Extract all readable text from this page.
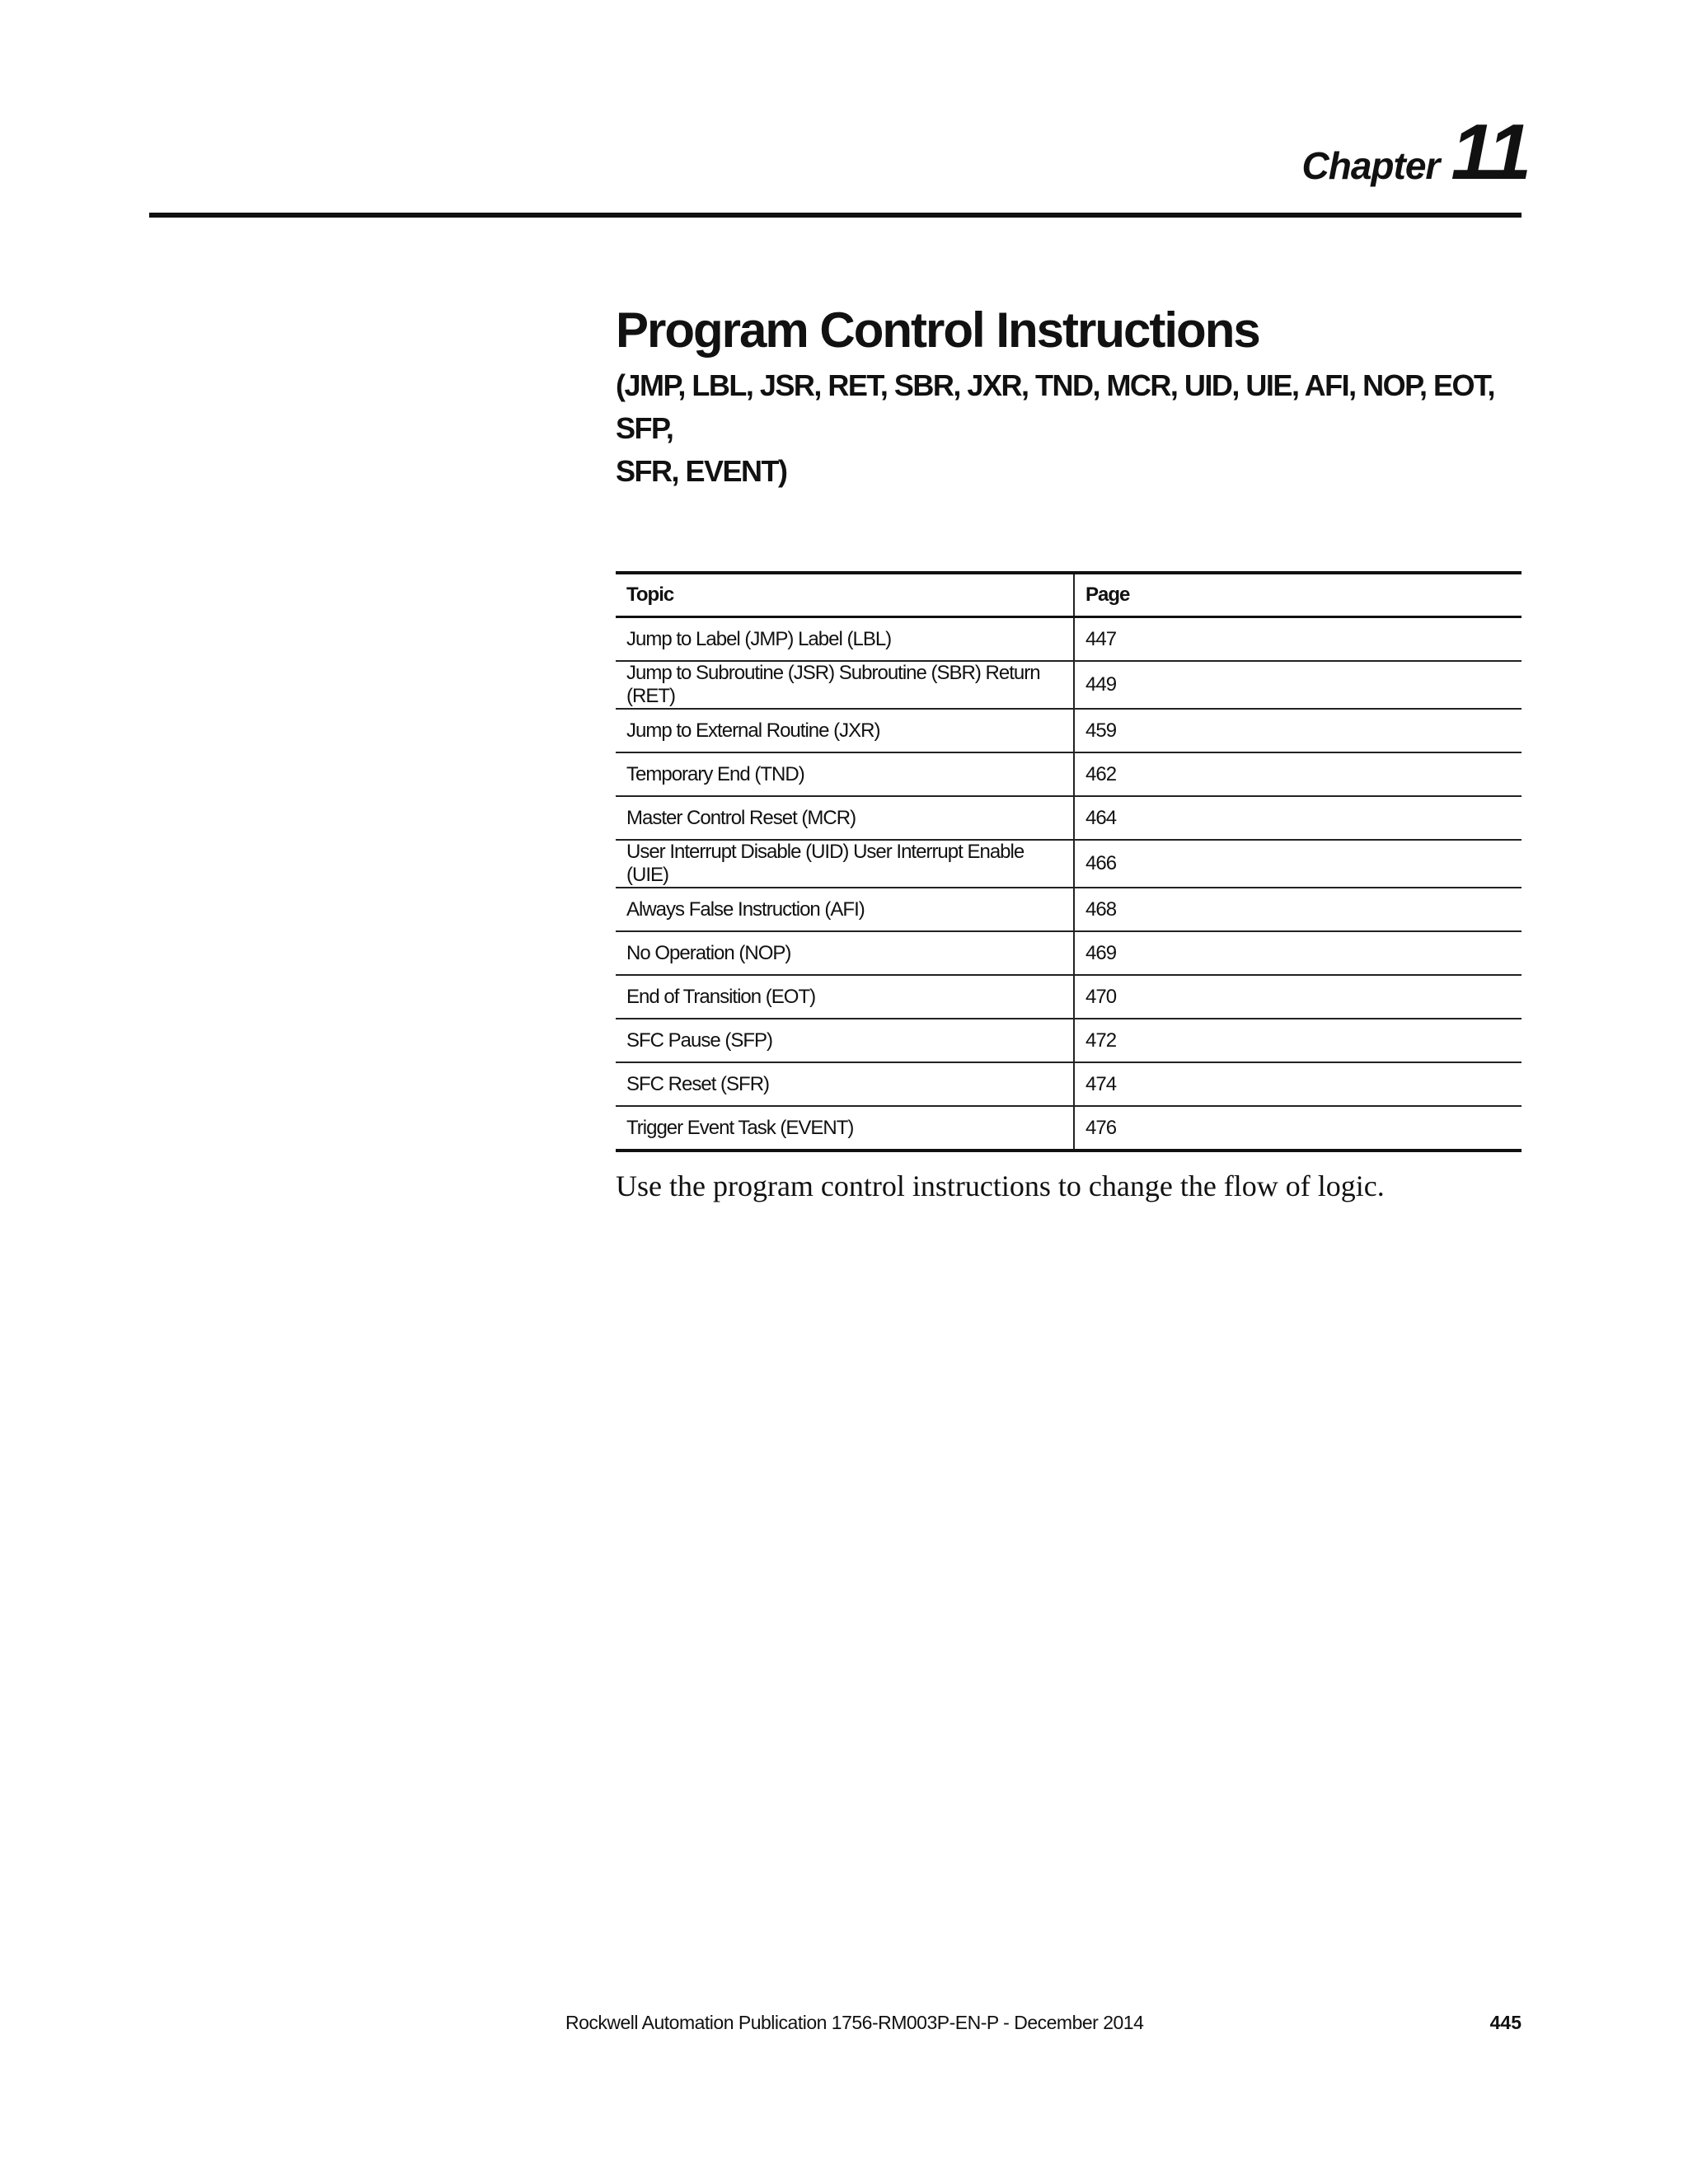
Chapter 11
Program Control Instructions

(JMP, LBL, JSR, RET, SBR, JXR, TND, MCR, UID, UIE, AFI, NOP, EOT, SFP,
SFR, EVENT)

Topic	Page
Jump to Label (JMP) Label (LBL)	447
Jump to Subroutine (JSR) Subroutine (SBR) Return (RET)	449
Jump to External Routine (JXR)	459
Temporary End (TND)	462
Master Control Reset (MCR)	464
User Interrupt Disable (UID) User Interrupt Enable (UIE)	466
Always False Instruction (AFI)	468
No Operation (NOP)	469
End of Transition (EOT)	470
SFC Pause (SFP)	472
SFC Reset (SFR)	474
Trigger Event Task (EVENT)	476

Use the program control instructions to change the flow of logic.

Rockwell Automation Publication 1756-RM003P-EN-P - December 2014	445
